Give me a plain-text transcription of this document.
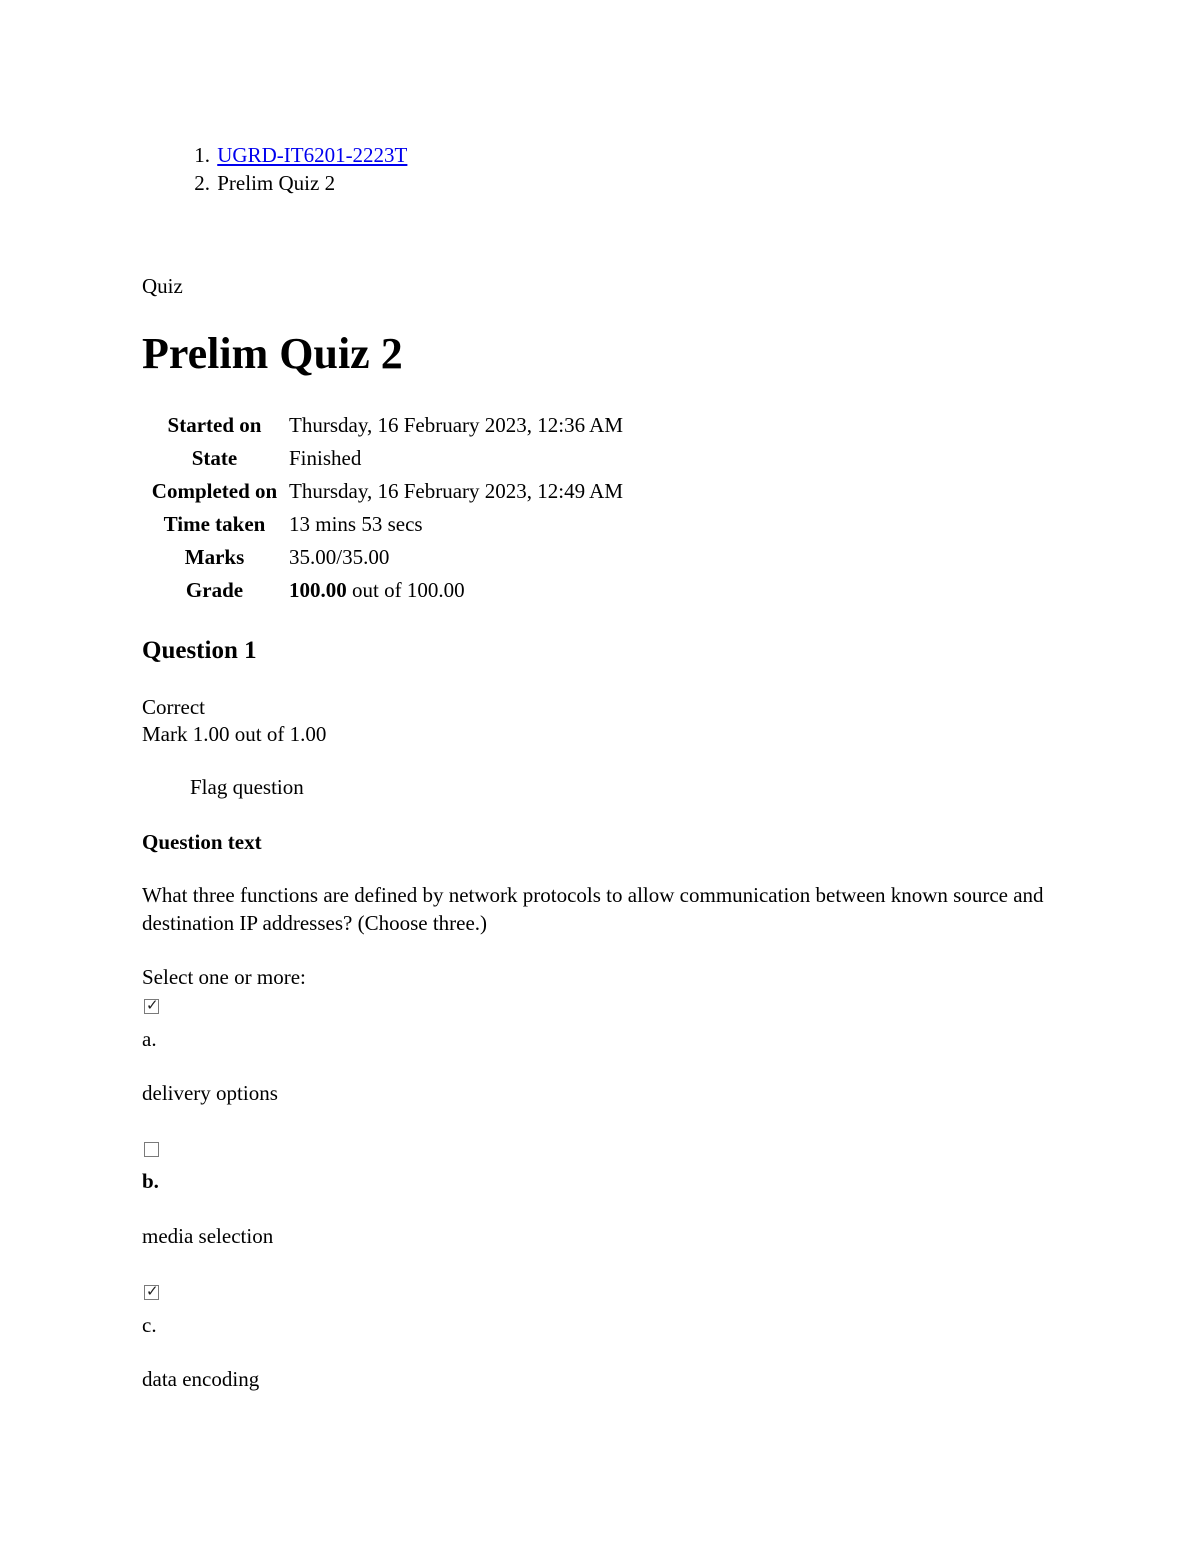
1. UGRD-IT6201-2223T
2. Prelim Quiz 2
Quiz
Prelim Quiz 2
Started on	Thursday, 16 February 2023, 12:36 AM
State	Finished
Completed on	Thursday, 16 February 2023, 12:49 AM
Time taken	13 mins 53 secs
Marks	35.00/35.00
Grade	100.00 out of 100.00
Question 1
Correct
Mark 1.00 out of 1.00
Flag question
Question text
What three functions are defined by network protocols to allow communication between known source and destination IP addresses? (Choose three.)
Select one or more:
✓
a.
delivery options
b.
media selection
✓
c.
data encoding
